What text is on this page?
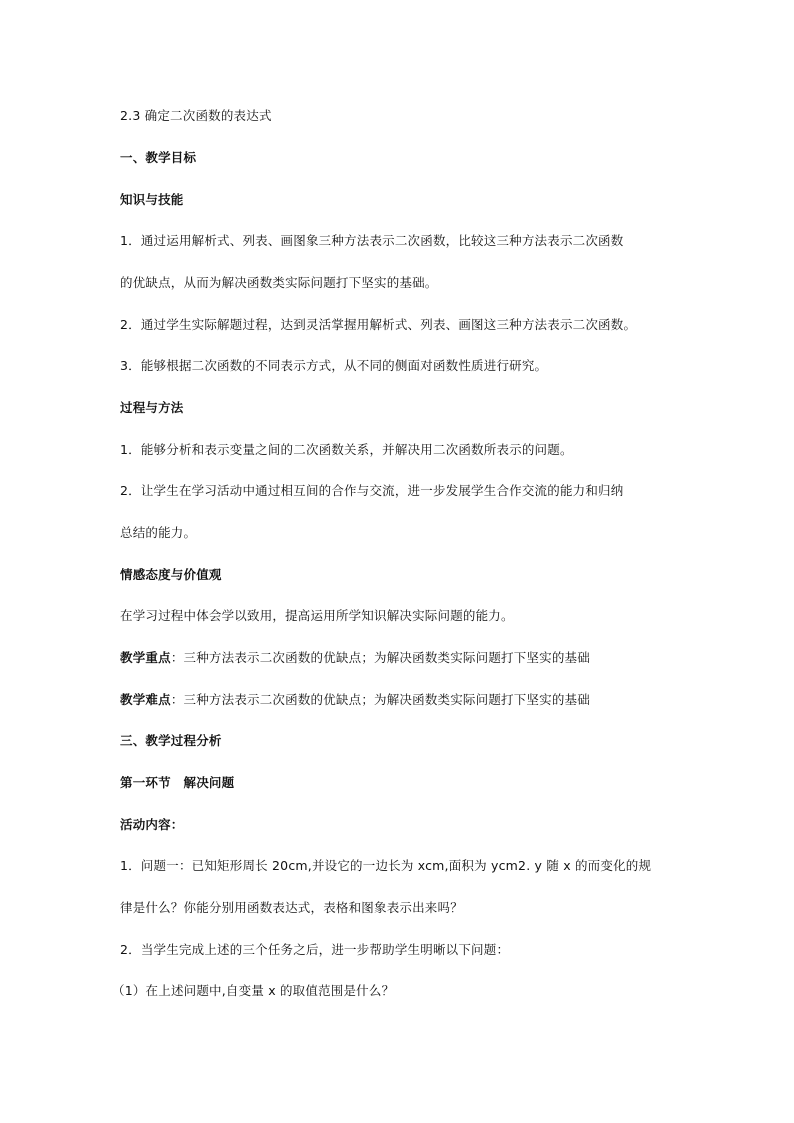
2.3 确定二次函数的表达式

一、教学目标

知识与技能

1．通过运用解析式、列表、画图象三种方法表示二次函数，比较这三种方法表示二次函数

的优缺点，从而为解决函数类实际问题打下坚实的基础。

2．通过学生实际解题过程，达到灵活掌握用解析式、列表、画图这三种方法表示二次函数。

3．能够根据二次函数的不同表示方式，从不同的侧面对函数性质进行研究。

过程与方法

1．能够分析和表示变量之间的二次函数关系，并解决用二次函数所表示的问题。

2．让学生在学习活动中通过相互间的合作与交流，进一步发展学生合作交流的能力和归纳

总结的能力。

情感态度与价值观

在学习过程中体会学以致用，提高运用所学知识解决实际问题的能力。

教学重点：三种方法表示二次函数的优缺点；为解决函数类实际问题打下坚实的基础

教学难点：三种方法表示二次函数的优缺点；为解决函数类实际问题打下坚实的基础

三、教学过程分析

第一环节　解决问题

活动内容：

1．问题一：已知矩形周长 20cm,并设它的一边长为 xcm,面积为 ycm2. y 随 x 的而变化的规

律是什么？你能分别用函数表达式，表格和图象表示出来吗？

2．当学生完成上述的三个任务之后，进一步帮助学生明晰以下问题：

（1）在上述问题中,自变量 x 的取值范围是什么？
